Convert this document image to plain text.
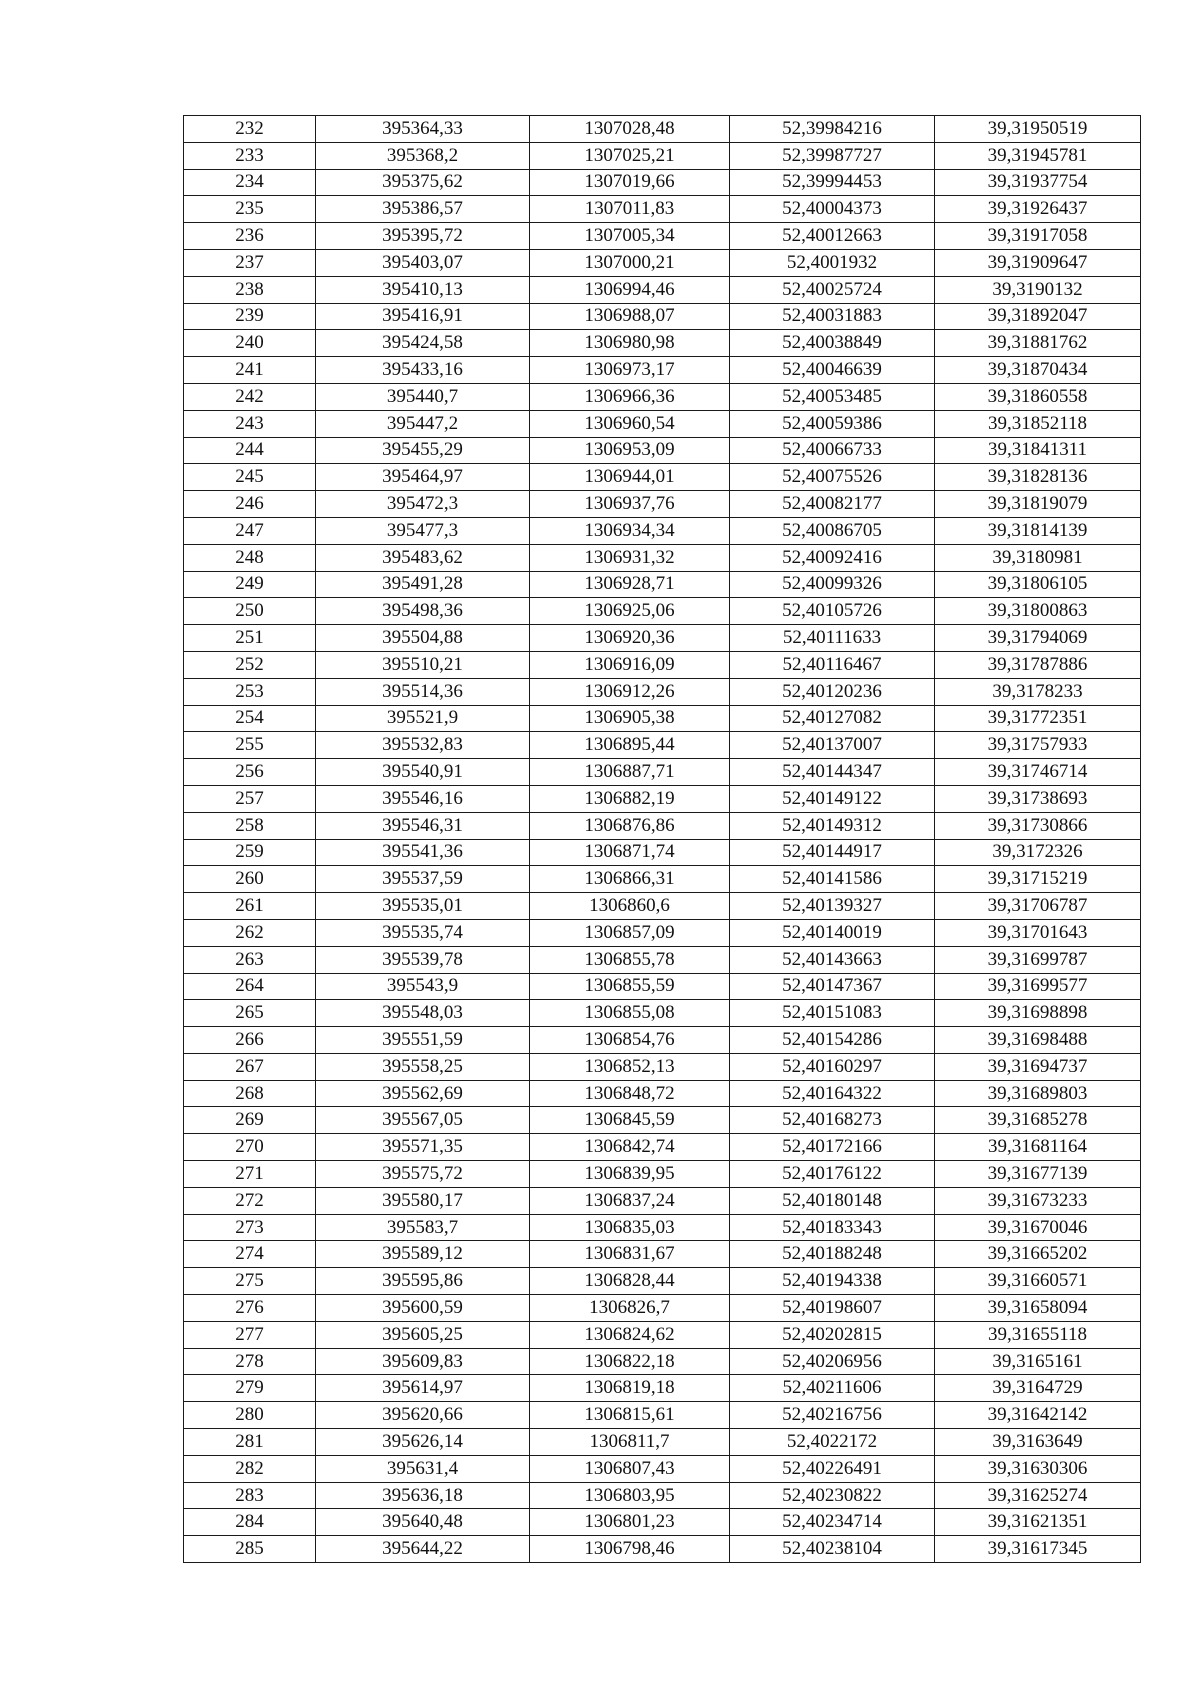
232	395364,33	1307028,48	52,39984216	39,31950519
233	395368,2	1307025,21	52,39987727	39,31945781
234	395375,62	1307019,66	52,39994453	39,31937754
235	395386,57	1307011,83	52,40004373	39,31926437
236	395395,72	1307005,34	52,40012663	39,31917058
237	395403,07	1307000,21	52,4001932	39,31909647
238	395410,13	1306994,46	52,40025724	39,3190132
239	395416,91	1306988,07	52,40031883	39,31892047
240	395424,58	1306980,98	52,40038849	39,31881762
241	395433,16	1306973,17	52,40046639	39,31870434
242	395440,7	1306966,36	52,40053485	39,31860558
243	395447,2	1306960,54	52,40059386	39,31852118
244	395455,29	1306953,09	52,40066733	39,31841311
245	395464,97	1306944,01	52,40075526	39,31828136
246	395472,3	1306937,76	52,40082177	39,31819079
247	395477,3	1306934,34	52,40086705	39,31814139
248	395483,62	1306931,32	52,40092416	39,3180981
249	395491,28	1306928,71	52,40099326	39,31806105
250	395498,36	1306925,06	52,40105726	39,31800863
251	395504,88	1306920,36	52,40111633	39,31794069
252	395510,21	1306916,09	52,40116467	39,31787886
253	395514,36	1306912,26	52,40120236	39,3178233
254	395521,9	1306905,38	52,40127082	39,31772351
255	395532,83	1306895,44	52,40137007	39,31757933
256	395540,91	1306887,71	52,40144347	39,31746714
257	395546,16	1306882,19	52,40149122	39,31738693
258	395546,31	1306876,86	52,40149312	39,31730866
259	395541,36	1306871,74	52,40144917	39,3172326
260	395537,59	1306866,31	52,40141586	39,31715219
261	395535,01	1306860,6	52,40139327	39,31706787
262	395535,74	1306857,09	52,40140019	39,31701643
263	395539,78	1306855,78	52,40143663	39,31699787
264	395543,9	1306855,59	52,40147367	39,31699577
265	395548,03	1306855,08	52,40151083	39,31698898
266	395551,59	1306854,76	52,40154286	39,31698488
267	395558,25	1306852,13	52,40160297	39,31694737
268	395562,69	1306848,72	52,40164322	39,31689803
269	395567,05	1306845,59	52,40168273	39,31685278
270	395571,35	1306842,74	52,40172166	39,31681164
271	395575,72	1306839,95	52,40176122	39,31677139
272	395580,17	1306837,24	52,40180148	39,31673233
273	395583,7	1306835,03	52,40183343	39,31670046
274	395589,12	1306831,67	52,40188248	39,31665202
275	395595,86	1306828,44	52,40194338	39,31660571
276	395600,59	1306826,7	52,40198607	39,31658094
277	395605,25	1306824,62	52,40202815	39,31655118
278	395609,83	1306822,18	52,40206956	39,3165161
279	395614,97	1306819,18	52,40211606	39,3164729
280	395620,66	1306815,61	52,40216756	39,31642142
281	395626,14	1306811,7	52,4022172	39,3163649
282	395631,4	1306807,43	52,40226491	39,31630306
283	395636,18	1306803,95	52,40230822	39,31625274
284	395640,48	1306801,23	52,40234714	39,31621351
285	395644,22	1306798,46	52,40238104	39,31617345
